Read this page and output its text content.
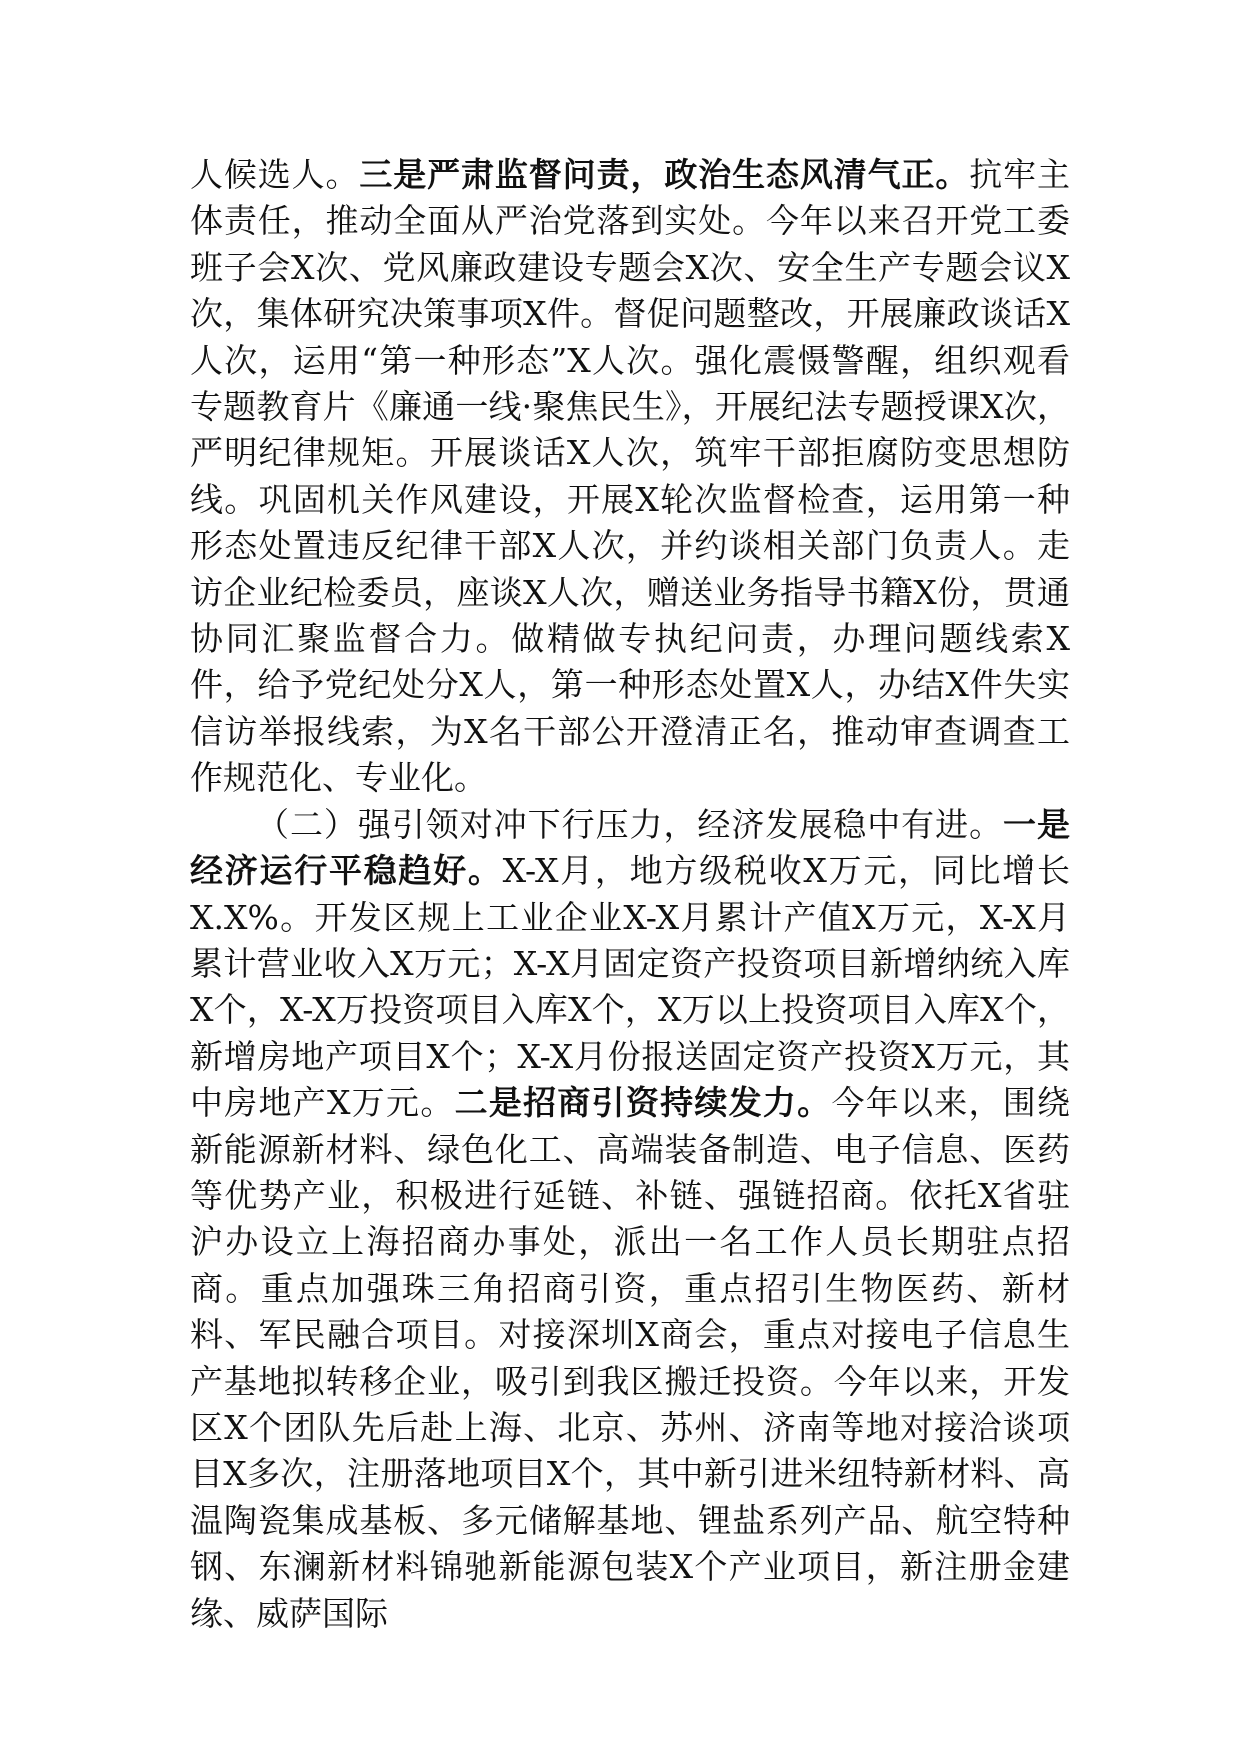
人候选人。三是严肃监督问责，政治生态风清气正。抗牢主体责任，推动全面从严治党落到实处。今年以来召开党工委班子会X次、党风廉政建设专题会X次、安全生产专题会议X次，集体研究决策事项X件。督促问题整改，开展廉政谈话X人次，运用“第一种形态”X人次。强化震慑警醒，组织观看专题教育片《廉通一线·聚焦民生》，开展纪法专题授课X次，严明纪律规矩。开展谈话X人次，筑牢干部拒腐防变思想防线。巩固机关作风建设，开展X轮次监督检查，运用第一种形态处置违反纪律干部X人次，并约谈相关部门负责人。走访企业纪检委员，座谈X人次，赠送业务指导书籍X份，贯通协同汇聚监督合力。做精做专执纪问责，办理问题线索X件，给予党纪处分X人，第一种形态处置X人，办结X件失实信访举报线索，为X名干部公开澄清正名，推动审查调查工作规范化、专业化。

（二）强引领对冲下行压力，经济发展稳中有进。一是经济运行平稳趋好。X-X月，地方级税收X万元，同比增长X.X%。开发区规上工业企业X-X月累计产值X万元，X-X月累计营业收入X万元；X-X月固定资产投资项目新增纳统入库X个，X-X万投资项目入库X个，X万以上投资项目入库X个，新增房地产项目X个；X-X月份报送固定资产投资X万元，其中房地产X万元。二是招商引资持续发力。今年以来，围绕新能源新材料、绿色化工、高端装备制造、电子信息、医药等优势产业，积极进行延链、补链、强链招商。依托X省驻沪办设立上海招商办事处，派出一名工作人员长期驻点招商。重点加强珠三角招商引资，重点招引生物医药、新材料、军民融合项目。对接深圳X商会，重点对接电子信息生产基地拟转移企业，吸引到我区搬迁投资。今年以来，开发区X个团队先后赴上海、北京、苏州、济南等地对接洽谈项目X多次，注册落地项目X个，其中新引进米纽特新材料、高温陶瓷集成基板、多元储解基地、锂盐系列产品、航空特种钢、东澜新材料锦驰新能源包装X个产业项目，新注册金建缘、威萨国际
